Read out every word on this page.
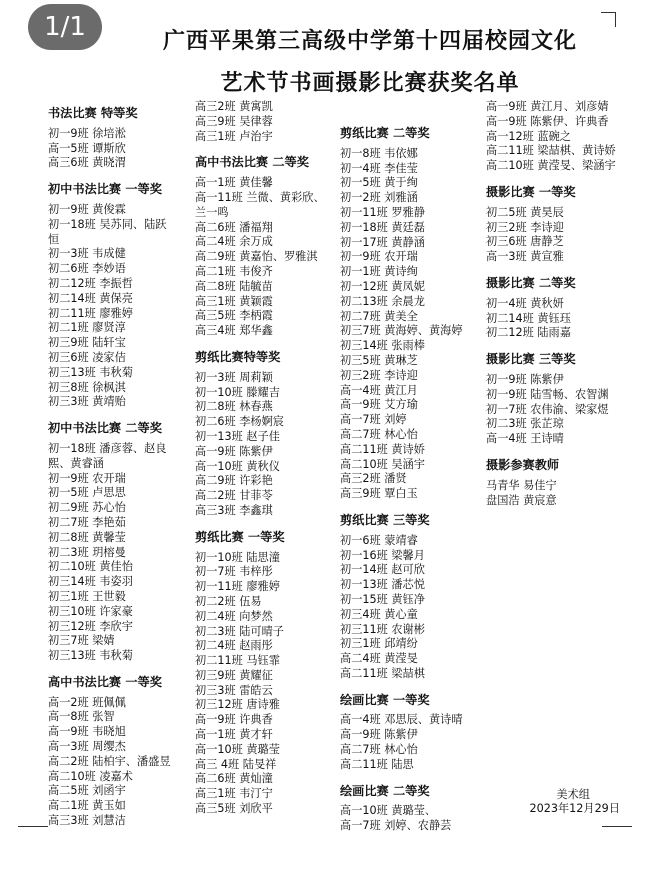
1/1	广西平果第三高级中学第十四届校园文化
艺术节书画摄影比赛获奖名单
书法比赛 特等奖
初一9班 徐培淞
高一5班 谭斯欣
高三6班 黄晓渭
初中书法比赛 一等奖
初一9班 黄俊霖
初一18班 吴苏同、陆跃恒
初一3班 韦成健
初二6班 李妙语
初二12班 李振哲
初二14班 黄保亮
初二11班 廖雅婷
初二1班 廖贤淳
初三9班 陆轩宝
初三6班 凌家佶
初三13班 韦秋菊
初三8班 徐枫淇
初三3班 黄靖贻
初中书法比赛 二等奖
初一18班 潘彦蓉、赵良熙、黄睿涵
初一9班 农开瑞
初一5班 卢思思
初二9班 苏心怡
初二7班 李艳茹
初二8班 黄馨莹
初二3班 玥榕曼
初二10班 黄佳怡
初三14班 韦姿羽
初三1班 王世毅
初三10班 许家豪
初三12班 李欣宇
初三7班 梁婧
初三13班 韦秋菊
高中书法比赛 一等奖
高一2班 班佩佩
高一8班 张智
高一9班 韦晓旭
高一3班 周缨杰
高二2班 陆柏宇、潘盛昱
高二10班 凌嘉术
高二5班 刘函宇
高二1班 黄玉如
高三3班 刘慧洁
高三2班 黄寓凯
高三9班 吴律蓉
高三1班 卢治宇
高中书法比赛 二等奖
高一1班 黄佳馨
高一11班 兰微、黄彩欣、兰一鸣
高二6班 潘福翔
高二4班 余万成
高二9班 黄嘉怡、罗雅淇
高二1班 韦俊齐
高二8班 陆毓苗
高三1班 黄颖霞
高三5班 李柄霞
高三4班 郑华鑫
剪纸比赛特等奖
初一3班 周莉颖
初一10班 滕耀吉
初二8班 林春燕
初二6班 李杨婀宸
初一13班 赵子佳
高一9班 陈紫伊
高一10班 黄秋仪
高二9班 许彩艳
高二2班 甘菲苓
高三3班 李鑫琪
剪纸比赛 一等奖
初一10班 陆思潼
初一7班 韦梓彤
初一11班 廖雅婷
初二2班 伍易
初二4班 向梦然
初二3班 陆可晴子
初二4班 赵雨彤
初二11班 马钰霏
初三9班 黄耀征
初三3班 雷皓云
初三12班 唐诗雅
高一9班 许典香
高一1班 黄才轩
高一10班 黄璐莹
高三 4班 陆旻祥
高二6班 黄灿潼
高三1班 韦汀宁
高三5班 刘欣平
剪纸比赛 二等奖
初一8班 韦依娜
初一4班 李佳莹
初一5班 黄于绚
初一2班 刘雅涵
初一11班 罗雅静
初一18班 黄廷磊
初一17班 黄静涵
初一9班 农开瑞
初一1班 黄诗绚
初一12班 黄凤妮
初二13班 余晨龙
初二7班 黄美全
初三7班 黄海婷、黄海婷
初三14班 张雨棒
初三5班 黄琳芝
初三2班 李诗迎
高一4班 黄江月
高一9班 艾方瑜
高一7班 刘婷
高二7班 林心怡
高二11班 黄诗娇
高二10班 吴涵宇
高三2班 潘贤
高三9班 覃白玉
剪纸比赛 三等奖
初一6班 蒙靖睿
初一16班 梁馨月
初一14班 赵可欣
初一13班 潘芯悦
初一15班 黄钰净
初三4班 黄心童
初三11班 农谢彬
初三1班 邱靖纷
高二4班 黄滢旻
高二11班 梁喆棋
绘画比赛 一等奖
高一4班 邓思辰、黄诗晴
高一9班 陈紫伊
高二7班 林心怡
高二11班 陆思
绘画比赛 二等奖
高一10班 黄璐莹、
高一7班 刘婷、农静芸
高一9班 黄江月、刘彦婧
高一9班 陈紫伊、许典香
高一12班 蓝碗之
高二11班 梁喆棋、黄诗娇
高二10班 黄滢旻、梁涵宇
摄影比赛 一等奖
初二5班 黄昊辰
初三2班 李诗迎
初三6班 唐静芝
高一3班 黄宣雅
摄影比赛 二等奖
初一4班 黄秋妍
初二14班 黄钰珏
初二12班 陆雨嘉
摄影比赛 三等奖
初一9班 陈紫伊
初一9班 陆雪畅、农智渊
初一7班 农伟渝、梁家煜
初二3班 张芷琼
高一4班 王诗晴
摄影参赛教师
马青华 易佳宁
盘国浩 黄宸意
美术组
2023年12月29日
